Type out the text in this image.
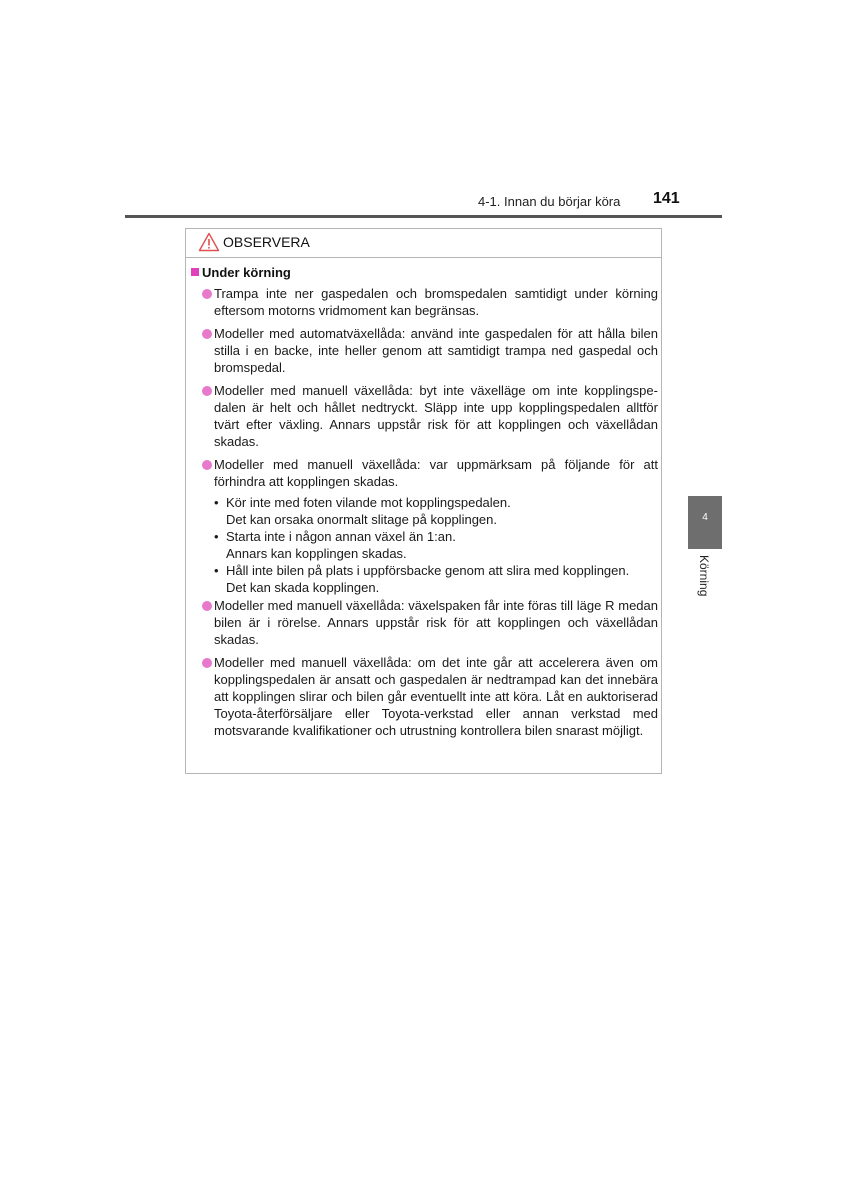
4-1. Innan du börjar köra 141
OBSERVERA
Under körning
Trampa inte ner gaspedalen och bromspedalen samtidigt under körning eftersom motorns vridmoment kan begränsas.
Modeller med automatväxellåda: använd inte gaspedalen för att hålla bilen stilla i en backe, inte heller genom att samtidigt trampa ned gaspedal och bromspedal.
Modeller med manuell växellåda: byt inte växelläge om inte kopplingspedalen är helt och hållet nedtryckt. Släpp inte upp kopplingspedalen alltför tvärt efter växling. Annars uppstår risk för att kopplingen och växellådan skadas.
Modeller med manuell växellåda: var uppmärksam på följande för att förhindra att kopplingen skadas.
• Kör inte med foten vilande mot kopplingspedalen.
Det kan orsaka onormalt slitage på kopplingen.
• Starta inte i någon annan växel än 1:an.
Annars kan kopplingen skadas.
• Håll inte bilen på plats i uppförsbacke genom att slira med kopplingen.
Det kan skada kopplingen.
Modeller med manuell växellåda: växelspaken får inte föras till läge R medan bilen är i rörelse. Annars uppstår risk för att kopplingen och växellådan skadas.
Modeller med manuell växellåda: om det inte går att accelerera även om kopplingspedalen är ansatt och gaspedalen är nedtrampad kan det innebära att kopplingen slirar och bilen går eventuellt inte att köra. Låt en auktoriserad Toyota-återförsäljare eller Toyota-verkstad eller annan verkstad med motsvarande kvalifikationer och utrustning kontrollera bilen snarast möjligt.
4
Körning
